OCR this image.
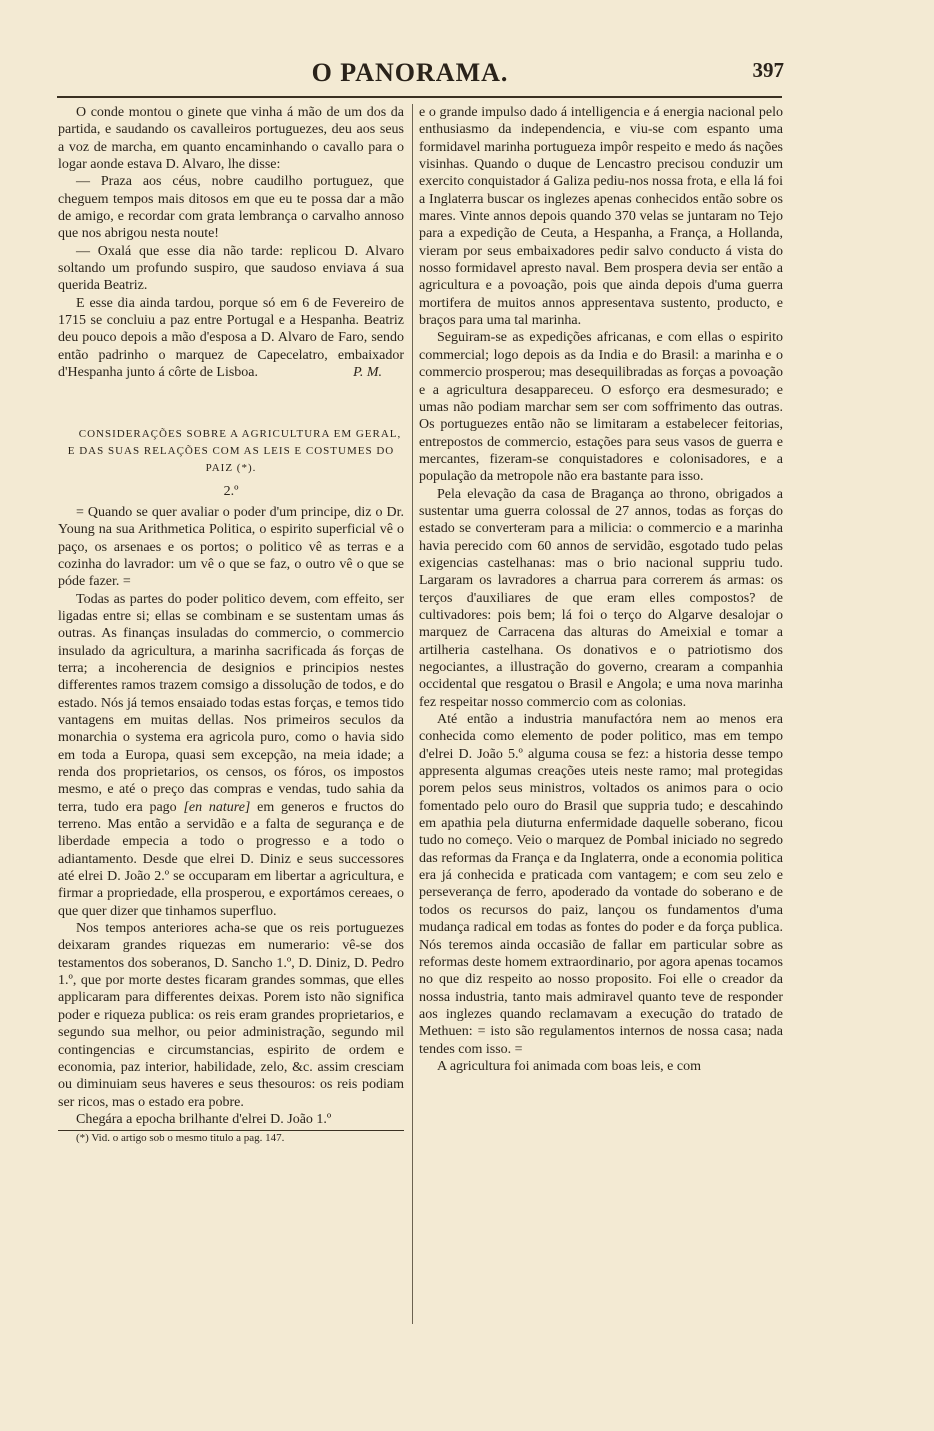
O PANORAMA.	397

O conde montou o ginete que vinha á mão de um dos da partida, e saudando os cavalleiros portuguezes, deu aos seus a voz de marcha, em quanto encaminhando o cavallo para o logar aonde estava D. Alvaro, lhe disse:

— Praza aos céus, nobre caudilho portuguez, que cheguem tempos mais ditosos em que eu te possa dar a mão de amigo, e recordar com grata lembrança o carvalho annoso que nos abrigou nesta noute!

— Oxalá que esse dia não tarde: replicou D. Alvaro soltando um profundo suspiro, que saudoso enviava á sua querida Beatriz.

E esse dia ainda tardou, porque só em 6 de Fevereiro de 1715 se concluiu a paz entre Portugal e a Hespanha. Beatriz deu pouco depois a mão d'esposa a D. Alvaro de Faro, sendo então padrinho o marquez de Capecelatro, embaixador d'Hespanha junto á côrte de Lisboa.	P. M.

CONSIDERAÇÕES SOBRE A AGRICULTURA EM GERAL, E DAS SUAS RELAÇÕES COM AS LEIS E COSTUMES DO PAIZ (*).

2.º

= Quando se quer avaliar o poder d'um principe, diz o Dr. Young na sua Arithmetica Politica, o espirito superficial vê o paço, os arsenaes e os portos; o politico vê as terras e a cozinha do lavrador: um vê o que se faz, o outro vê o que se póde fazer. =

Todas as partes do poder politico devem, com effeito, ser ligadas entre si; ellas se combinam e se sustentam umas ás outras. As finanças insuladas do commercio, o commercio insulado da agricultura, a marinha sacrificada ás forças de terra; a incoherencia de designios e principios nestes differentes ramos trazem comsigo a dissolução de todos, e do estado. Nós já temos ensaiado todas estas forças, e temos tido vantagens em muitas dellas. Nos primeiros seculos da monarchia o systema era agricola puro, como o havia sido em toda a Europa, quasi sem excepção, na meia idade; a renda dos proprietarios, os censos, os fóros, os impostos mesmo, e até o preço das compras e vendas, tudo sahia da terra, tudo era pago [en nature] em generos e fructos do terreno. Mas então a servidão e a falta de segurança e de liberdade empecia a todo o progresso e a todo o adiantamento. Desde que elrei D. Diniz e seus successores até elrei D. João 2.º se occuparam em libertar a agricultura, e firmar a propriedade, ella prosperou, e exportámos cereaes, o que quer dizer que tinhamos superfluo.

Nos tempos anteriores acha-se que os reis portuguezes deixaram grandes riquezas em numerario: vê-se dos testamentos dos soberanos, D. Sancho 1.º, D. Diniz, D. Pedro 1.º, que por morte destes ficaram grandes sommas, que elles applicaram para differentes deixas. Porem isto não significa poder e riqueza publica: os reis eram grandes proprietarios, e segundo sua melhor, ou peior administração, segundo mil contingencias e circumstancias, espirito de ordem e economia, paz interior, habilidade, zelo, &c. assim cresciam ou diminuiam seus haveres e seus thesouros: os reis podiam ser ricos, mas o estado era pobre.

Chegára a epocha brilhante d'elrei D. João 1.º

(*) Vid. o artigo sob o mesmo titulo a pag. 147.

e o grande impulso dado á intelligencia e á energia nacional pelo enthusiasmo da independencia, e viu-se com espanto uma formidavel marinha portugueza impôr respeito e medo ás nações visinhas. Quando o duque de Lencastro precisou conduzir um exercito conquistador á Galiza pediu-nos nossa frota, e ella lá foi a Inglaterra buscar os inglezes apenas conhecidos então sobre os mares. Vinte annos depois quando 370 velas se juntaram no Tejo para a expedição de Ceuta, a Hespanha, a França, a Hollanda, vieram por seus embaixadores pedir salvo conducto á vista do nosso formidavel apresto naval. Bem prospera devia ser então a agricultura e a povoação, pois que ainda depois d'uma guerra mortifera de muitos annos appresentava sustento, producto, e braços para uma tal marinha.

Seguiram-se as expedições africanas, e com ellas o espirito commercial; logo depois as da India e do Brasil: a marinha e o commercio prosperou; mas desequilibradas as forças a povoação e a agricultura desappareceu. O esforço era desmesurado; e umas não podiam marchar sem ser com soffrimento das outras. Os portuguezes então não se limitaram a estabelecer feitorias, entrepostos de commercio, estações para seus vasos de guerra e mercantes, fizeram-se conquistadores e colonisadores, e a população da metropole não era bastante para isso.

Pela elevação da casa de Bragança ao throno, obrigados a sustentar uma guerra colossal de 27 annos, todas as forças do estado se converteram para a milicia: o commercio e a marinha havia perecido com 60 annos de servidão, esgotado tudo pelas exigencias castelhanas: mas o brio nacional suppriu tudo. Largaram os lavradores a charrua para correrem ás armas: os terços d'auxiliares de que eram elles compostos? de cultivadores: pois bem; lá foi o terço do Algarve desalojar o marquez de Carracena das alturas do Ameixial e tomar a artilheria castelhana. Os donativos e o patriotismo dos negociantes, a illustração do governo, crearam a companhia occidental que resgatou o Brasil e Angola; e uma nova marinha fez respeitar nosso commercio com as colonias.

Até então a industria manufactóra nem ao menos era conhecida como elemento de poder politico, mas em tempo d'elrei D. João 5.º alguma cousa se fez: a historia desse tempo appresenta algumas creações uteis neste ramo; mal protegidas porem pelos seus ministros, voltados os animos para o ocio fomentado pelo ouro do Brasil que suppria tudo; e descahindo em apathia pela diuturna enfermidade daquelle soberano, ficou tudo no começo. Veio o marquez de Pombal iniciado no segredo das reformas da França e da Inglaterra, onde a economia politica era já conhecida e praticada com vantagem; e com seu zelo e perseverança de ferro, apoderado da vontade do soberano e de todos os recursos do paiz, lançou os fundamentos d'uma mudança radical em todas as fontes do poder e da força publica. Nós teremos ainda occasião de fallar em particular sobre as reformas deste homem extraordinario, por agora apenas tocamos no que diz respeito ao nosso proposito. Foi elle o creador da nossa industria, tanto mais admiravel quanto teve de responder aos inglezes quando reclamavam a execução do tratado de Methuen: = isto são regulamentos internos de nossa casa; nada tendes com isso. =

A agricultura foi animada com boas leis, e com
